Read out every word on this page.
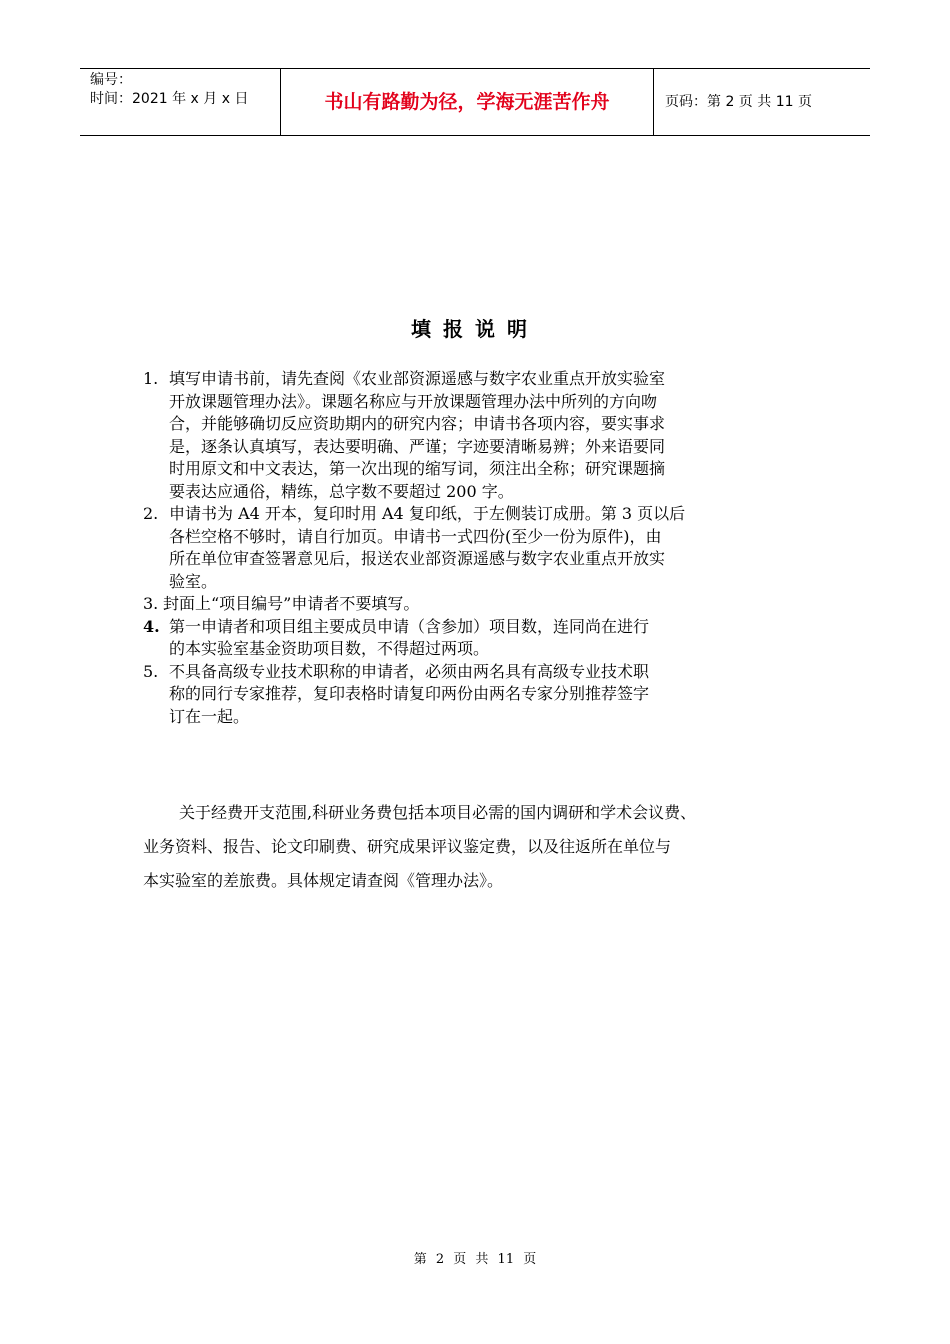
编号：
时间：2021 年 x 月 x 日	书山有路勤为径，学海无涯苦作舟	页码：第 2 页 共 11 页
填报说明
1. 填写申请书前，请先查阅《农业部资源遥感与数字农业重点开放实验室
开放课题管理办法》。课题名称应与开放课题管理办法中所列的方向吻
合，并能够确切反应资助期内的研究内容；申请书各项内容，要实事求
是，逐条认真填写，表达要明确、严谨；字迹要清晰易辨；外来语要同
时用原文和中文表达，第一次出现的缩写词，须注出全称；研究课题摘
要表达应通俗，精练，总字数不要超过 200 字。
2. 申请书为 A4 开本，复印时用 A4 复印纸，于左侧装订成册。第 3 页以后
各栏空格不够时，请自行加页。申请书一式四份(至少一份为原件)，由
所在单位审查签署意见后，报送农业部资源遥感与数字农业重点开放实
验室。
3. 封面上“项目编号”申请者不要填写。
4. 第一申请者和项目组主要成员申请（含参加）项目数，连同尚在进行
的本实验室基金资助项目数，不得超过两项。
5. 不具备高级专业技术职称的申请者，必须由两名具有高级专业技术职
称的同行专家推荐，复印表格时请复印两份由两名专家分别推荐签字
订在一起。
关于经费开支范围,科研业务费包括本项目必需的国内调研和学术会议费、
业务资料、报告、论文印刷费、研究成果评议鉴定费，以及往返所在单位与
本实验室的差旅费。具体规定请查阅《管理办法》。
第 2 页 共 11 页
